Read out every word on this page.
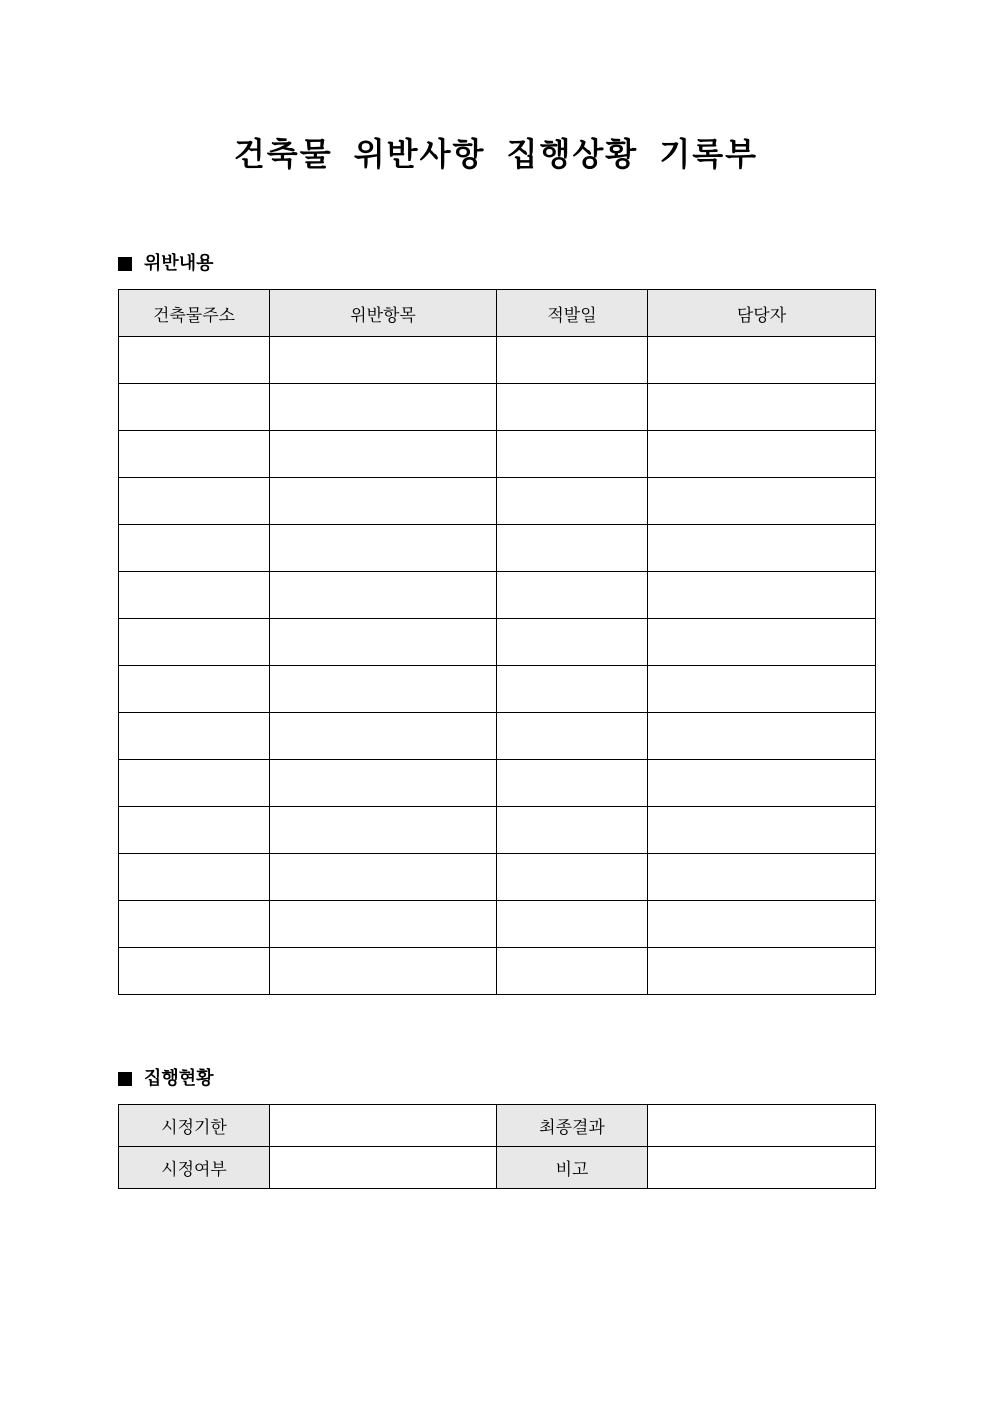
건축물 위반사항 집행상황 기록부
위반내용
건축물주소	위반항목	적발일	담당자

집행현황
시정기한		최종결과	
시정여부		비고	
